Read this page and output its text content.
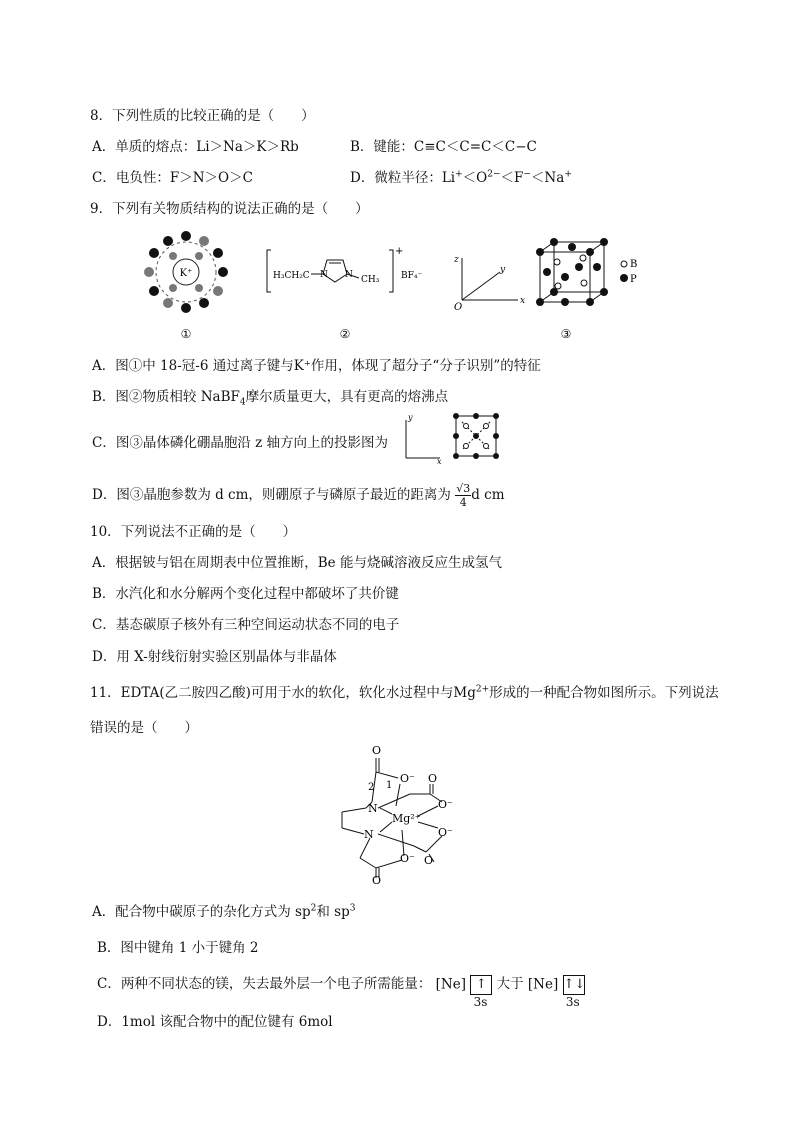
8．下列性质的比较正确的是（　　）
A．单质的熔点：Li＞Na＞K＞Rb	B．键能：C≡C＜C=C＜C−C
C．电负性：F＞N＞O＞C	D．微粒半径：$Li^+<O^{2-}<F^-<Na^+$
9．下列有关物质结构的说法正确的是（　　）
K⁺
①
H₃CH₂C N N CH₃
+
BF₄⁻
②
z
y
x
O
B
P
③
A．图①中 18-冠-6 通过离子键与K⁺作用，体现了超分子“分子识别”的特征
B．图②物质相较 NaBF$_4$摩尔质量更大，具有更高的熔沸点
C．图③晶体磷化硼晶胞沿 z 轴方向上的投影图为
y
x
D．图③晶胞参数为 d cm，则硼原子与磷原子最近的距离为 $\frac{√3}{4}$ d cm
10．下列说法不正确的是（　　）
A．根据铍与铝在周期表中位置推断，Be 能与烧碱溶液反应生成氢气
B．水汽化和水分解两个变化过程中都破坏了共价键
C．基态碳原子核外有三种空间运动状态不同的电子
D．用 X-射线衍射实验区别晶体与非晶体
11．EDTA(乙二胺四乙酸)可用于水的软化，软化水过程中与$Mg^{2+}$形成的一种配合物如图所示。下列说法
错误的是（　　）
O
O⁻
1
2
N
N
O
O⁻
Mg²⁺
O⁻
O
O⁻
O
A．配合物中碳原子的杂化方式为 $sp^2$和 $sp^3$
B．图中键角 1 小于键角 2
C．两种不同状态的镁，失去最外层一个电子所需能量： [Ne] ↑
3s
大于 [Ne] ↑↓
3s
D．1mol 该配合物中的配位键有 6mol
